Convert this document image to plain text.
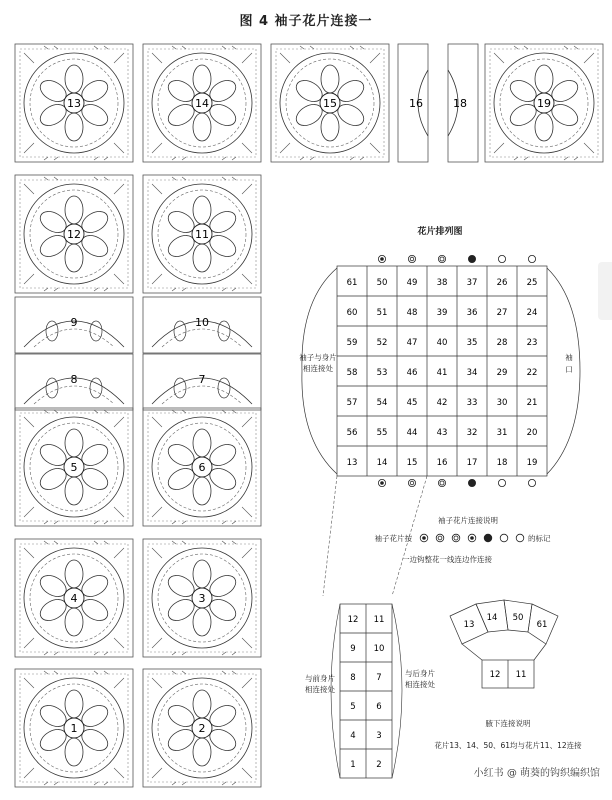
图 4 袖子花片连接一
13	14	15	16	18	19
12	11
9	10
8	7
5	6
4	3
1	2
花片排列图
61 50 49 38 37 26 25
60 51 48 39 36 27 24
59 52 47 40 35 28 23
58 53 46 41 34 29 22
57 54 45 42 33 30 21
56 55 44 43 32 31 20
13 14 15 16 17 18 19
袖子与身片
相连接处
袖
口
袖子花片连接说明
袖子花片按	的标记
一边钩整花一线连边作连接
12 11
9 10
8 7
5 6
4 3
1 2
与前身片
相连接处
与后身片
相连接处
13
14 50
61
12 11
腋下连接说明
花片13、14、50、61均与花片11、12连接
小红书 @ 萌葵的钩织编织馆
